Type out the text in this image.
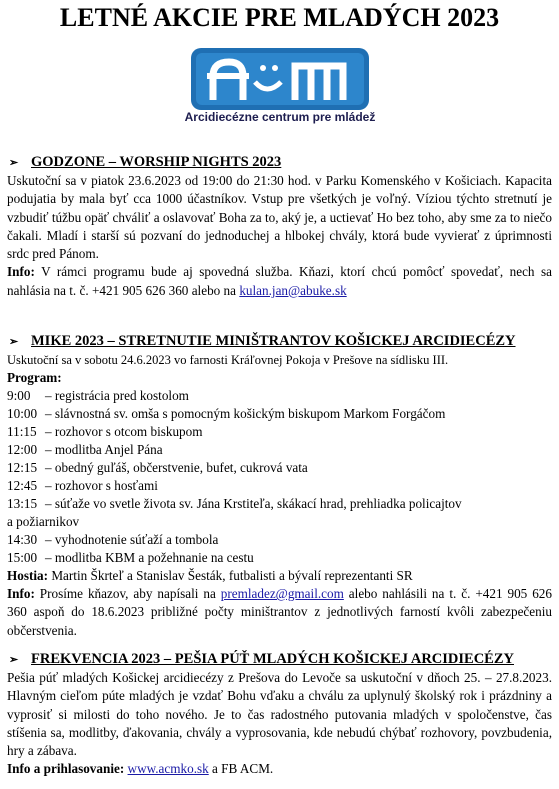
LETNÉ AKCIE PRE MLADÝCH 2023
Arcidiecézne centrum pre mládež
➢ GODZONE – WORSHIP NIGHTS 2023
Uskutoční sa v piatok 23.6.2023 od 19:00 do 21:30 hod. v Parku Komenského v Košiciach. Kapacita podujatia by mala byť cca 1000 účastníkov. Vstup pre všetkých je voľný. Víziou týchto stretnutí je vzbudiť túžbu opäť chváliť a oslavovať Boha za to, aký je, a uctievať Ho bez toho, aby sme za to niečo čakali. Mladí i starší sú pozvaní do jednoduchej a hlbokej chvály, ktorá bude vyvierať z úprimnosti srdc pred Pánom.
Info: V rámci programu bude aj spovedná služba. Kňazi, ktorí chcú pomôcť spovedať, nech sa nahlásia na t. č. +421 905 626 360 alebo na kulan.jan@abuke.sk
➢ MIKE 2023 – STRETNUTIE MINIŠTRANTOV KOŠICKEJ ARCIDIECÉZY
Uskutoční sa v sobotu 24.6.2023 vo farnosti Kráľovnej Pokoja v Prešove na sídlisku III.
Program:
9:00 – registrácia pred kostolom
10:00 – slávnostná sv. omša s pomocným košickým biskupom Markom Forgáčom
11:15 – rozhovor s otcom biskupom
12:00 – modlitba Anjel Pána
12:15 – obedný guľáš, občerstvenie, bufet, cukrová vata
12:45 – rozhovor s hosťami
13:15 – súťaže vo svetle života sv. Jána Krstiteľa, skákací hrad, prehliadka policajtov
a požiarnikov
14:30 – vyhodnotenie súťaží a tombola
15:00 – modlitba KBM a požehnanie na cestu
Hostia: Martin Škrteľ a Stanislav Šesták, futbalisti a bývalí reprezentanti SR
Info: Prosíme kňazov, aby napísali na premladez@gmail.com alebo nahlásili na t. č. +421 905 626 360 aspoň do 18.6.2023 približné počty miništrantov z jednotlivých farností kvôli zabezpečeniu občerstvenia.
➢ FREKVENCIA 2023 – PEŠIA PÚŤ MLADÝCH KOŠICKEJ ARCIDIECÉZY
Pešia púť mladých Košickej arcidiecézy z Prešova do Levoče sa uskutoční v dňoch 25. – 27.8.2023. Hlavným cieľom púte mladých je vzdať Bohu vďaku a chválu za uplynulý školský rok i prázdniny a vyprosiť si milosti do toho nového. Je to čas radostného putovania mladých v spoločenstve, čas stíšenia sa, modlitby, ďakovania, chvály a vyprosovania, kde nebudú chýbať rozhovory, povzbudenia, hry a zábava.
Info a prihlasovanie: www.acmko.sk a FB ACM.
